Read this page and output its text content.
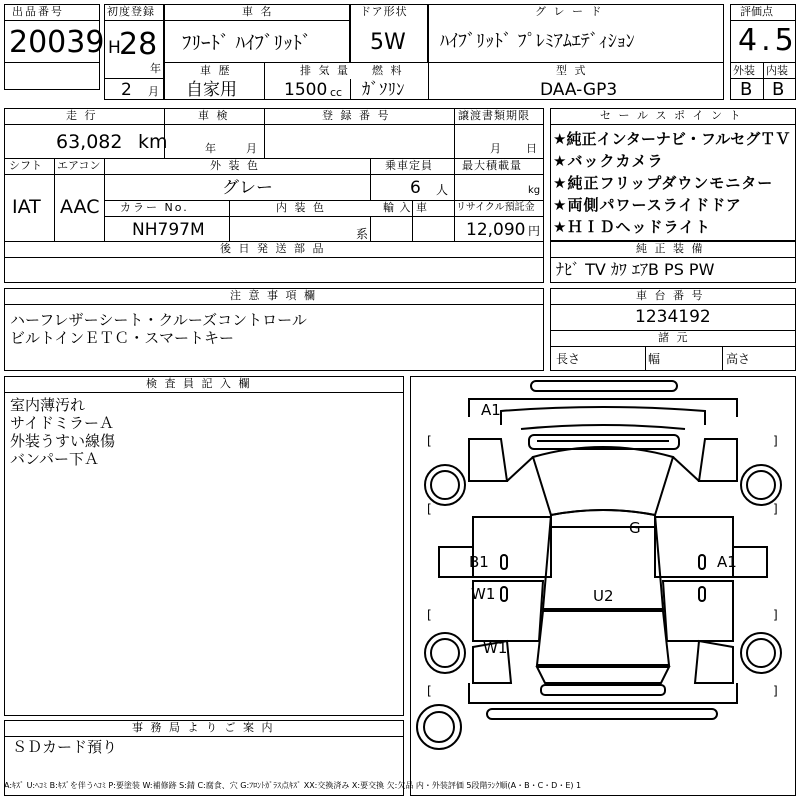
出品番号
20039
初度登録
H
28
年
2 月
車 名
ﾌﾘｰﾄﾞ ﾊｲﾌﾞﾘｯﾄﾞ
ドア形状
5W
グ レ ー ド
ﾊｲﾌﾞﾘｯﾄﾞ ﾌﾟﾚﾐｱﾑｴﾃﾞｨｼｮﾝ
車 歴
自家用
排 気 量
1500 cc
燃 料
ｶﾞｿﾘﾝ
型 式
DAA-GP3
評価点
4.5
外装 内装
B B
走 行
63,082 km
車 検
年	月
登 録 番 号	譲渡書類期限
月 日
シフト
IAT
エアコン
AAC
外 装 色
グレー
乗車定員
6 人
最大積載量
kg
カラー No.
NH797M
内 装 色
系
輸 入 車	リサイクル預託金
12,090 円
後 日 発 送 部 品
セ ー ル ス ポ イ ン ト
★純正インターナビ・フルセグＴＶ
★バックカメラ
★純正フリップダウンモニター
★両側パワースライドドア
★ＨＩＤヘッドライト
純 正 装 備
ﾅﾋﾞ TV ｶﾜ ｴｱB PS PW
注 意 事 項 欄
ハーフレザーシート・クルーズコントロール
ビルトインＥＴＣ・スマートキー
車 台 番 号
1234192
諸 元
長さ	幅	高さ
検 査 員 記 入 欄
室内薄汚れ
サイドミラーＡ
外装うすい線傷
バンパー下Ａ
[	]
[	]
[	]
[	]
A1
G
B1	A1
W1	U2
W1
事 務 局 よ り ご 案 内
ＳＤカード預り
A:ｷｽﾞ U:ﾍｺﾐ B:ｷｽﾞを伴うﾍｺﾐ P:要塗装 W:補修跡 S:錆 C:腐食、穴 G:ﾌﾛﾝﾄｶﾞﾗｽ点ｷｽﾞ XX:交換済み X:要交換 欠:欠品 内・外装評価 5段階ﾗﾝｸ順(A・B・C・D・E) 1
